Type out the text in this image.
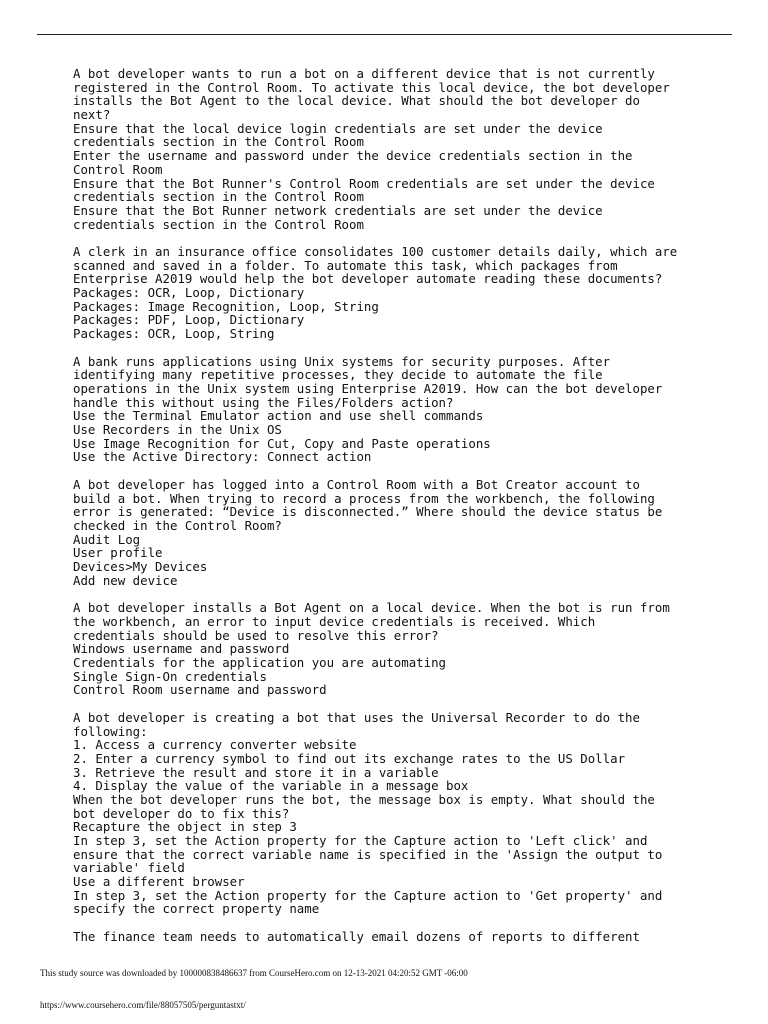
A bot developer wants to run a bot on a different device that is not currently
registered in the Control Room. To activate this local device, the bot developer
installs the Bot Agent to the local device. What should the bot developer do
next?
Ensure that the local device login credentials are set under the device
credentials section in the Control Room
Enter the username and password under the device credentials section in the
Control Room
Ensure that the Bot Runner's Control Room credentials are set under the device
credentials section in the Control Room
Ensure that the Bot Runner network credentials are set under the device
credentials section in the Control Room
A clerk in an insurance office consolidates 100 customer details daily, which are
scanned and saved in a folder. To automate this task, which packages from
Enterprise A2019 would help the bot developer automate reading these documents?
Packages: OCR, Loop, Dictionary
Packages: Image Recognition, Loop, String
Packages: PDF, Loop, Dictionary
Packages: OCR, Loop, String
A bank runs applications using Unix systems for security purposes. After
identifying many repetitive processes, they decide to automate the file
operations in the Unix system using Enterprise A2019. How can the bot developer
handle this without using the Files/Folders action?
Use the Terminal Emulator action and use shell commands
Use Recorders in the Unix OS
Use Image Recognition for Cut, Copy and Paste operations
Use the Active Directory: Connect action
A bot developer has logged into a Control Room with a Bot Creator account to
build a bot. When trying to record a process from the workbench, the following
error is generated: “Device is disconnected.” Where should the device status be
checked in the Control Room?
Audit Log
User profile
Devices>My Devices
Add new device
A bot developer installs a Bot Agent on a local device. When the bot is run from
the workbench, an error to input device credentials is received. Which
credentials should be used to resolve this error?
Windows username and password
Credentials for the application you are automating
Single Sign-On credentials
Control Room username and password
A bot developer is creating a bot that uses the Universal Recorder to do the
following:
1. Access a currency converter website
2. Enter a currency symbol to find out its exchange rates to the US Dollar
3. Retrieve the result and store it in a variable
4. Display the value of the variable in a message box
When the bot developer runs the bot, the message box is empty. What should the
bot developer do to fix this?
Recapture the object in step 3
In step 3, set the Action property for the Capture action to 'Left click' and
ensure that the correct variable name is specified in the 'Assign the output to
variable' field
Use a different browser
In step 3, set the Action property for the Capture action to 'Get property' and
specify the correct property name
The finance team needs to automatically email dozens of reports to different
This study source was downloaded by 100000838486637 from CourseHero.com on 12-13-2021 04:20:52 GMT -06:00
https://www.coursehero.com/file/88057505/perguntastxt/
